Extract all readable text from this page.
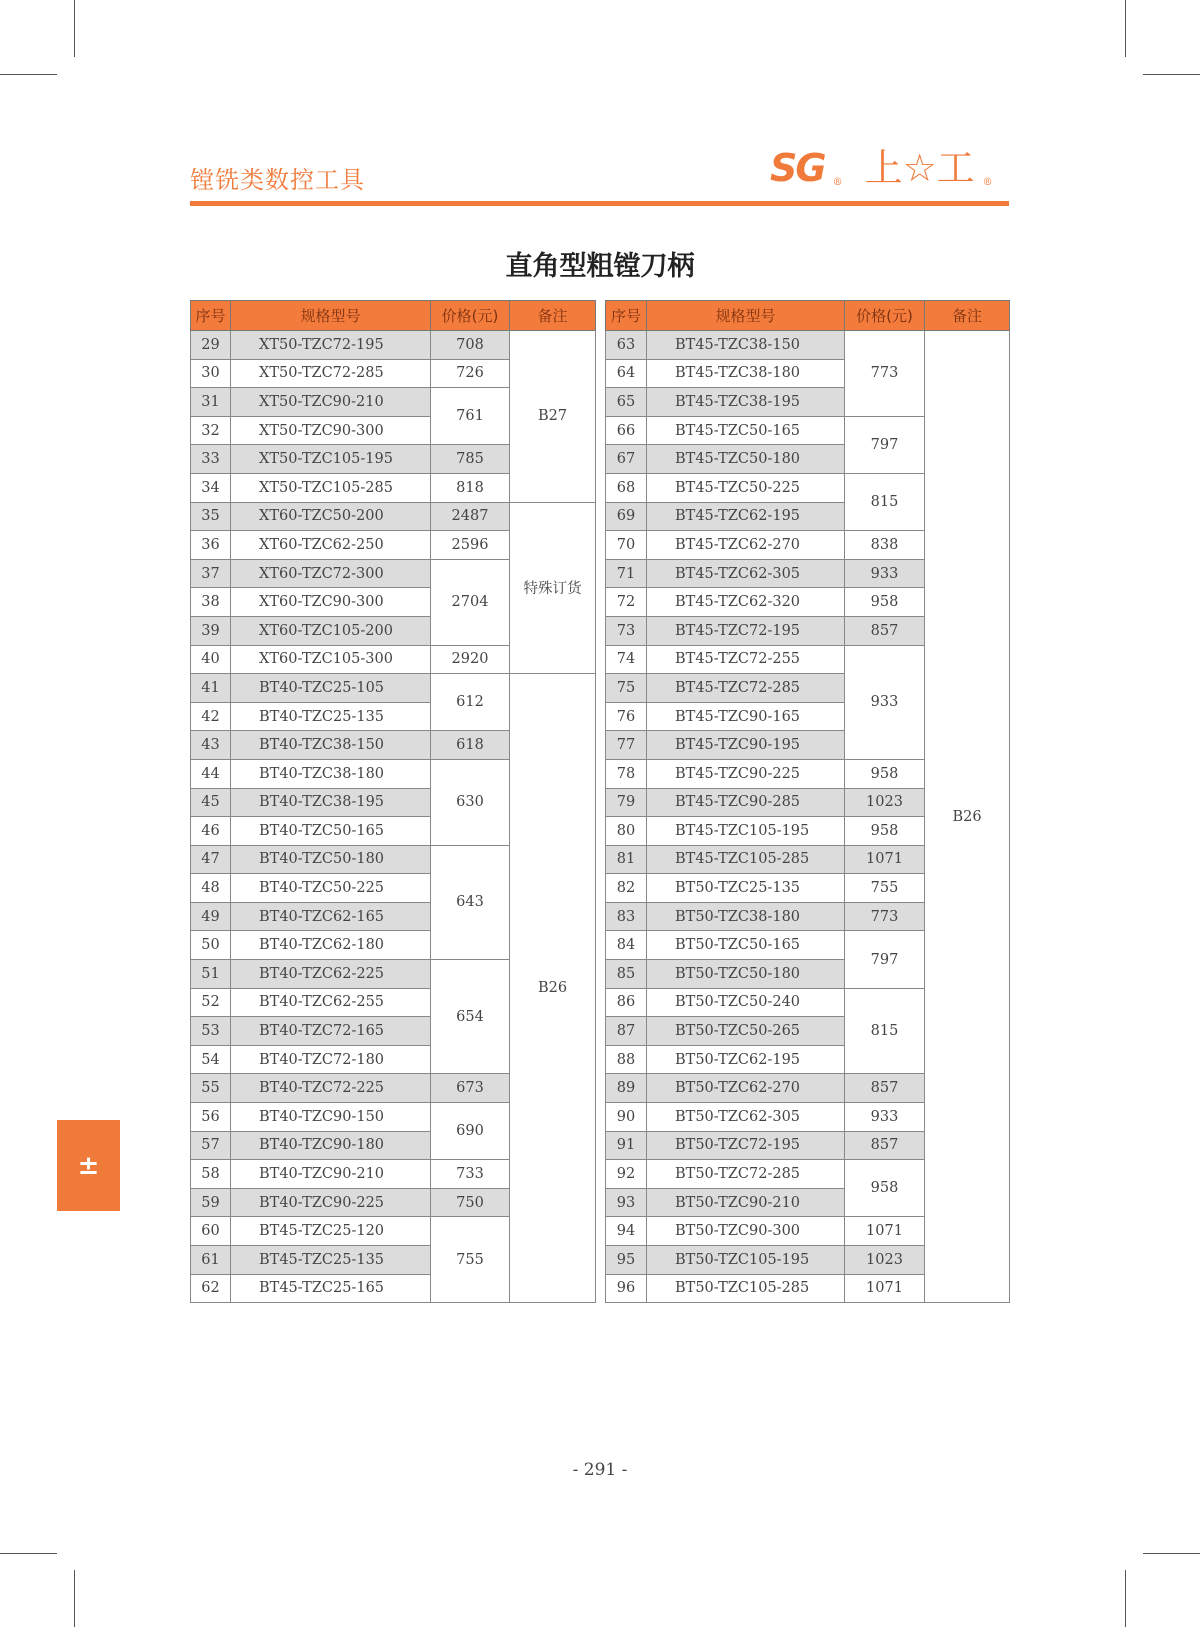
镗铣类数控工具	SG ® 上☆工 ®
直角型粗镗刀柄
序号	规格型号	价格(元)	备注
29	XT50-TZC72-195	708	B27
30	XT50-TZC72-285	726	
31	XT50-TZC90-210	761	
32	XT50-TZC90-300		
33	XT50-TZC105-195	785	
34	XT50-TZC105-285	818	
35	XT60-TZC50-200	2487	特殊订货
36	XT60-TZC62-250	2596	
37	XT60-TZC72-300	2704	
38	XT60-TZC90-300		
39	XT60-TZC105-200		
40	XT60-TZC105-300	2920	
41	BT40-TZC25-105	612	B26
42	BT40-TZC25-135		
43	BT40-TZC38-150	618	
44	BT40-TZC38-180	630	
45	BT40-TZC38-195		
46	BT40-TZC50-165		
47	BT40-TZC50-180	643	
48	BT40-TZC50-225		
49	BT40-TZC62-165		
50	BT40-TZC62-180		
51	BT40-TZC62-225	654	
52	BT40-TZC62-255		
53	BT40-TZC72-165		
54	BT40-TZC72-180		
55	BT40-TZC72-225	673	
56	BT40-TZC90-150	690	
57	BT40-TZC90-180		
58	BT40-TZC90-210	733	
59	BT40-TZC90-225	750	
60	BT45-TZC25-120	755	
61	BT45-TZC25-135		
62	BT45-TZC25-165		
序号	规格型号	价格(元)	备注
63	BT45-TZC38-150	773	B26
64	BT45-TZC38-180		
65	BT45-TZC38-195		
66	BT45-TZC50-165	797	
67	BT45-TZC50-180		
68	BT45-TZC50-225	815	
69	BT45-TZC62-195		
70	BT45-TZC62-270	838	
71	BT45-TZC62-305	933	
72	BT45-TZC62-320	958	
73	BT45-TZC72-195	857	
74	BT45-TZC72-255	933	
75	BT45-TZC72-285		
76	BT45-TZC90-165		
77	BT45-TZC90-195		
78	BT45-TZC90-225	958	
79	BT45-TZC90-285	1023	
80	BT45-TZC105-195	958	
81	BT45-TZC105-285	1071	
82	BT50-TZC25-135	755	
83	BT50-TZC38-180	773	
84	BT50-TZC50-165	797	
85	BT50-TZC50-180		
86	BT50-TZC50-240	815	
87	BT50-TZC50-265		
88	BT50-TZC62-195		
89	BT50-TZC62-270	857	
90	BT50-TZC62-305	933	
91	BT50-TZC72-195	857	
92	BT50-TZC72-285	958	
93	BT50-TZC90-210		
94	BT50-TZC90-300	1071	
95	BT50-TZC105-195	1023	
96	BT50-TZC105-285	1071	
±
- 291 -
